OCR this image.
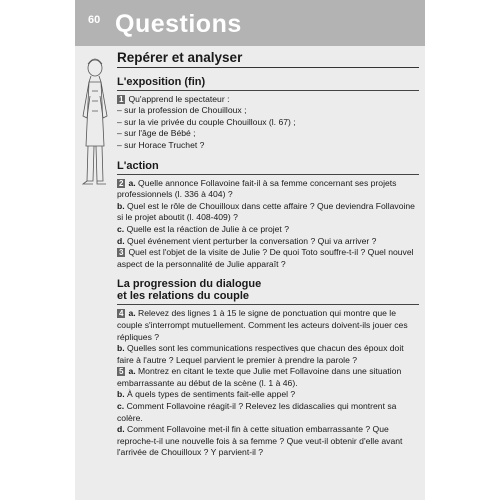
60 Questions
Repérer et analyser
L'exposition (fin)

1 Qu'apprend le spectateur :

– sur la profession de Chouilloux ;

– sur la vie privée du couple Chouilloux (l. 67) ;

– sur l'âge de Bébé ;

– sur Horace Truchet ?

L'action

2 a. Quelle annonce Follavoine fait-il à sa femme concernant ses projets professionnels (l. 336 à 404) ?

b. Quel est le rôle de Chouilloux dans cette affaire ? Que deviendra Follavoine si le projet aboutit (l. 408-409) ?

c. Quelle est la réaction de Julie à ce projet ?

d. Quel événement vient perturber la conversation ? Qui va arriver ?

3 Quel est l'objet de la visite de Julie ? De quoi Toto souffre-t-il ? Quel nouvel aspect de la personnalité de Julie apparaît ?

La progression du dialogue
et les relations du couple

4 a. Relevez des lignes 1 à 15 le signe de ponctuation qui montre que le couple s'interrompt mutuellement. Comment les acteurs doivent-ils jouer ces répliques ?

b. Quelles sont les communications respectives que chacun des époux doit faire à l'autre ? Lequel parvient le premier à prendre la parole ?

5 a. Montrez en citant le texte que Julie met Follavoine dans une situation embarrassante au début de la scène (l. 1 à 46).

b. À quels types de sentiments fait-elle appel ?

c. Comment Follavoine réagit-il ? Relevez les didascalies qui montrent sa colère.

d. Comment Follavoine met-il fin à cette situation embarrassante ? Que reproche-t-il une nouvelle fois à sa femme ? Que veut-il obtenir d'elle avant l'arrivée de Chouilloux ? Y parvient-il ?
